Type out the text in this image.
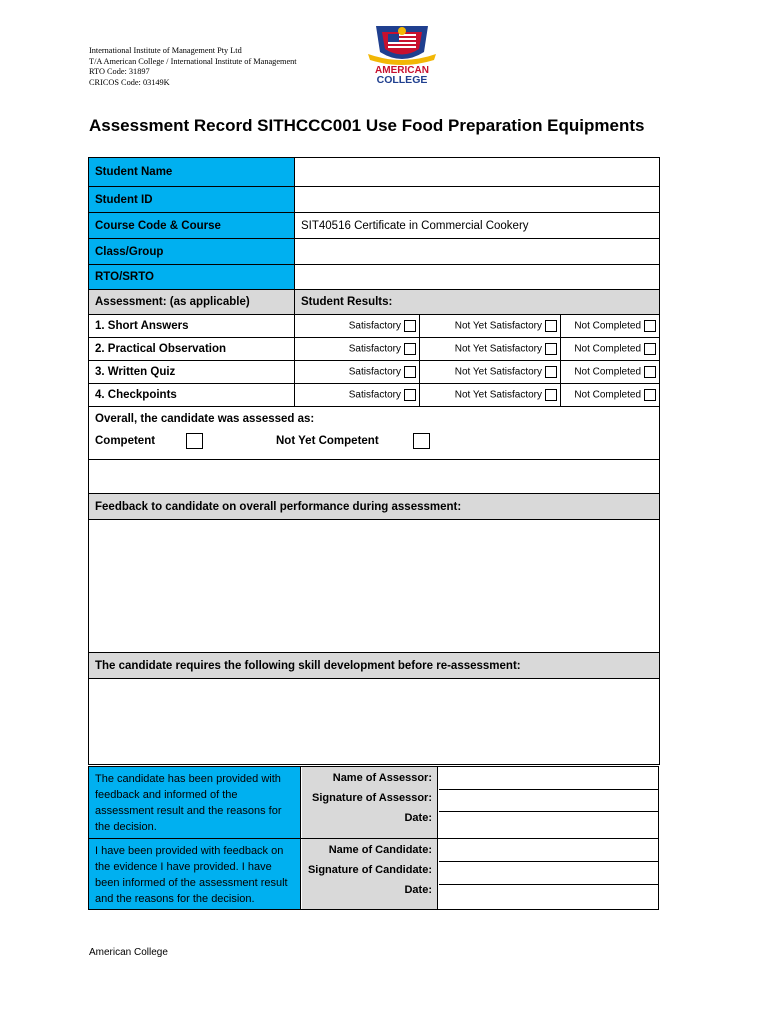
International Institute of Management Pty Ltd
T/A American College / International Institute of Management
RTO Code: 31897
CRICOS Code: 03149K
AMERICAN
COLLEGE
Assessment Record SITHCCC001 Use Food Preparation Equipments
Student Name			
Student ID			
Course Code & Course	SIT40516 Certificate in Commercial Cookery		
Class/Group			
RTO/SRTO			
Assessment: (as applicable)	Student Results:		
1. Short Answers	Satisfactory	Not Yet Satisfactory	Not Completed
2. Practical Observation	Satisfactory	Not Yet Satisfactory	Not Completed
3. Written Quiz	Satisfactory	Not Yet Satisfactory	Not Completed
4. Checkpoints	Satisfactory	Not Yet Satisfactory	Not Completed

Overall, the candidate was assessed as:
Competent Not Yet Competent			

Feedback to candidate on overall performance during assessment:			

The candidate requires the following skill development before re-assessment:			

The candidate has been provided with feedback and informed of the assessment result and the reasons for the decision.
Name of Assessor:
Signature of Assessor:
Date:
I have been provided with feedback on the evidence I have provided. I have been informed of the assessment result and the reasons for the decision.
Name of Candidate:
Signature of Candidate:
Date:
American College
